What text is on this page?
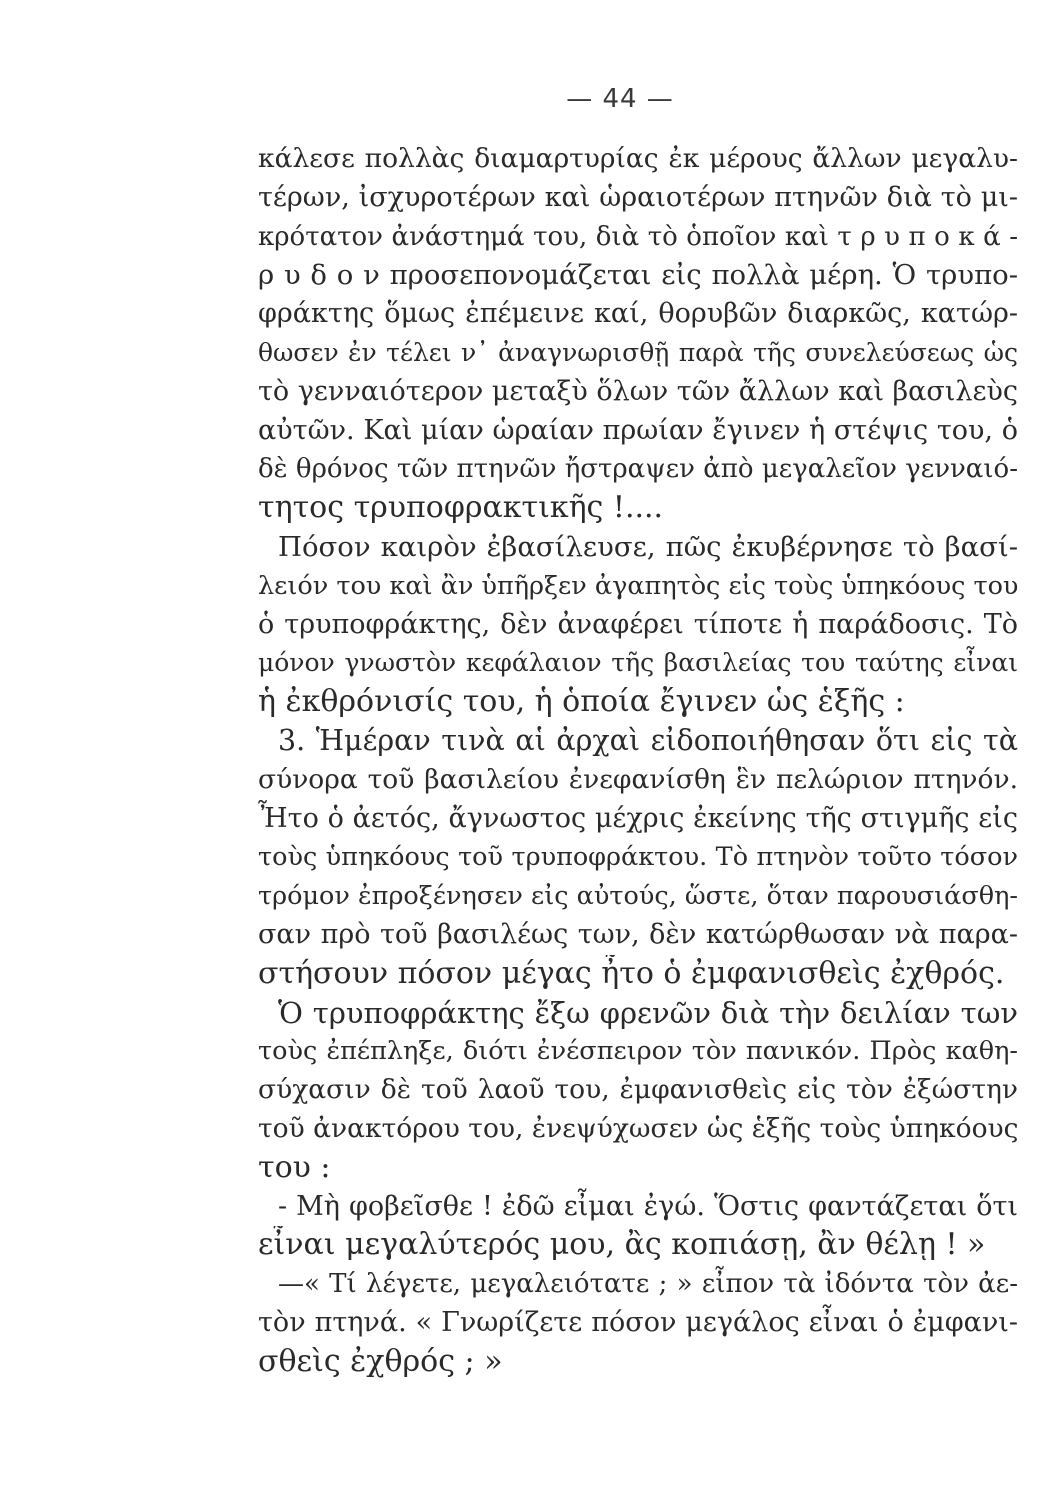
— 44 —
κάλεσε πολλὰς διαμαρτυρίας ἐκ μέρους ἄλλων μεγαλυ-
τέρων, ἰσχυροτέρων καὶ ὡραιοτέρων πτηνῶν διὰ τὸ μι-
κρότατον ἀνάστημά του, διὰ τὸ ὁποῖον καὶ τ ρ υ π ο κ ά -
ρ υ δ ο ν προσεπονομάζεται εἰς πολλὰ μέρη. Ὁ τρυπο-
φράκτης ὅμως ἐπέμεινε καί, θορυβῶν διαρκῶς, κατώρ-
θωσεν ἐν τέλει ν᾽ ἀναγνωρισθῇ παρὰ τῆς συνελεύσεως ὡς
τὸ γενναιότερον μεταξὺ ὅλων τῶν ἄλλων καὶ βασιλεὺς
αὐτῶν. Καὶ μίαν ὡραίαν πρωίαν ἔγινεν ἡ στέψις του, ὁ
δὲ θρόνος τῶν πτηνῶν ἤστραψεν ἀπὸ μεγαλεῖον γενναιό-
τητος τρυποφρακτικῆς !....
Πόσον καιρὸν ἐβασίλευσε, πῶς ἐκυβέρνησε τὸ βασί-
λειόν του καὶ ἂν ὑπῆρξεν ἀγαπητὸς εἰς τοὺς ὑπηκόους του
ὁ τρυποφράκτης, δὲν ἀναφέρει τίποτε ἡ παράδοσις. Τὸ
μόνον γνωστὸν κεφάλαιον τῆς βασιλείας του ταύτης εἶναι
ἡ ἐκθρόνισίς του, ἡ ὁποία ἔγινεν ὡς ἑξῆς :
3. Ἡμέραν τινὰ αἱ ἀρχαὶ εἰδοποιήθησαν ὅτι εἰς τὰ
σύνορα τοῦ βασιλείου ἐνεφανίσθη ἓν πελώριον πτηνόν.
Ἦτο ὁ ἀετός, ἄγνωστος μέχρις ἐκείνης τῆς στιγμῆς εἰς
τοὺς ὑπηκόους τοῦ τρυποφράκτου. Τὸ πτηνὸν τοῦτο τόσον
τρόμον ἐπροξένησεν εἰς αὐτούς, ὥστε, ὅταν παρουσιάσθη-
σαν πρὸ τοῦ βασιλέως των, δὲν κατώρθωσαν νὰ παρα-
στήσουν πόσον μέγας ἦτο ὁ ἐμφανισθεὶς ἐχθρός.
Ὁ τρυποφράκτης ἔξω φρενῶν διὰ τὴν δειλίαν των
τοὺς ἐπέπληξε, διότι ἐνέσπειρον τὸν πανικόν. Πρὸς καθη-
σύχασιν δὲ τοῦ λαοῦ του, ἐμφανισθεὶς εἰς τὸν ἐξώστην
τοῦ ἀνακτόρου του, ἐνεψύχωσεν ὡς ἑξῆς τοὺς ὑπηκόους
του :
- Μὴ φοβεῖσθε ! ἐδῶ εἶμαι ἐγώ. Ὅστις φαντάζεται ὅτι
εἶναι μεγαλύτερός μου, ἂς κοπιάσῃ, ἂν θέλῃ ! »
—« Τί λέγετε, μεγαλειότατε ; » εἶπον τὰ ἰδόντα τὸν ἀε-
τὸν πτηνά. « Γνωρίζετε πόσον μεγάλος εἶναι ὁ ἐμφανι-
σθεὶς ἐχθρός ; »
